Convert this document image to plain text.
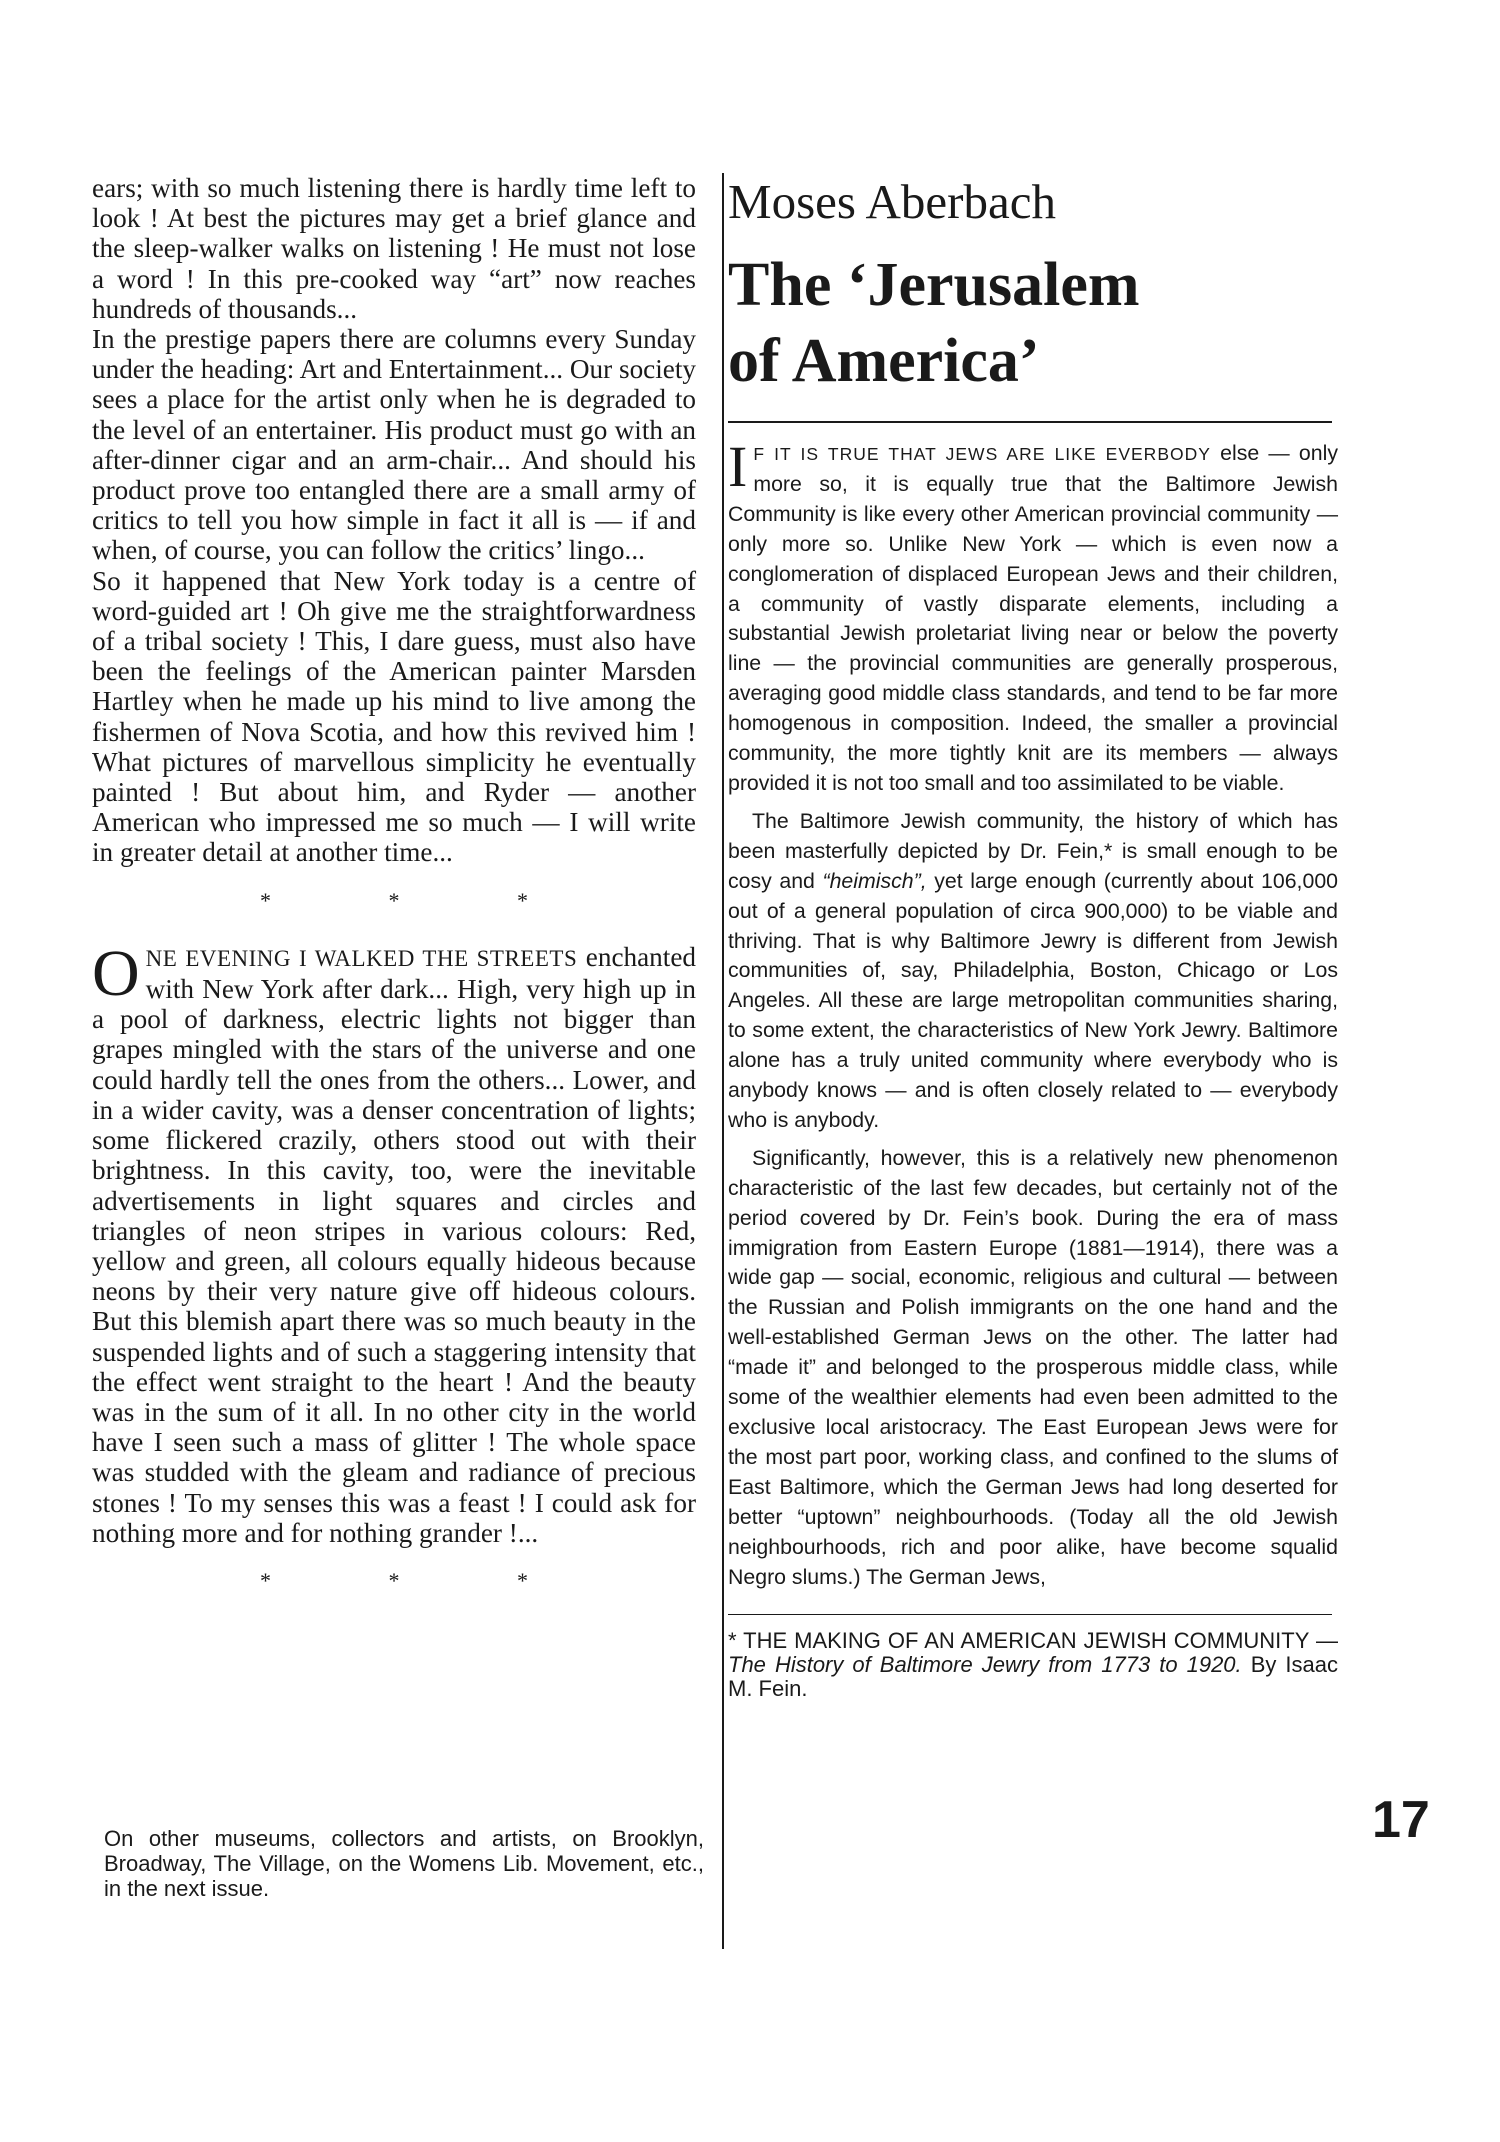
ears; with so much listening there is hardly time left to look ! At best the pictures may get a brief glance and the sleep-walker walks on listening ! He must not lose a word ! In this pre-cooked way “art” now reaches hundreds of thousands...

In the prestige papers there are columns every Sunday under the heading: Art and Entertainment... Our society sees a place for the artist only when he is degraded to the level of an entertainer. His product must go with an after-dinner cigar and an arm-chair... And should his product prove too entangled there are a small army of critics to tell you how simple in fact it all is — if and when, of course, you can follow the critics’ lingo...

So it happened that New York today is a centre of word-guided art ! Oh give me the straightforwardness of a tribal society ! This, I dare guess, must also have been the feelings of the American painter Marsden Hartley when he made up his mind to live among the fishermen of Nova Scotia, and how this revived him ! What pictures of marvellous simplicity he eventually painted ! But about him, and Ryder — another American who impressed me so much — I will write in greater detail at another time...

* * *

ONE EVENING I WALKED THE STREETS enchanted with New York after dark... High, very high up in a pool of darkness, electric lights not bigger than grapes mingled with the stars of the universe and one could hardly tell the ones from the others... Lower, and in a wider cavity, was a denser concentration of lights; some flickered crazily, others stood out with their brightness. In this cavity, too, were the inevitable advertisements in light squares and circles and triangles of neon stripes in various colours: Red, yellow and green, all colours equally hideous because neons by their very nature give off hideous colours. But this blemish apart there was so much beauty in the suspended lights and of such a staggering intensity that the effect went straight to the heart ! And the beauty was in the sum of it all. In no other city in the world have I seen such a mass of glitter ! The whole space was studded with the gleam and radiance of precious stones ! To my senses this was a feast ! I could ask for nothing more and for nothing grander !...

* * *
On other museums, collectors and artists, on Brooklyn, Broadway, The Village, on the Womens Lib. Movement, etc., in the next issue.
Moses Aberbach
The ‘Jerusalem
of America’

I F IT IS TRUE THAT JEWS ARE LIKE EVERBODY else — only more so, it is equally true that the Baltimore Jewish Community is like every other American provincial community — only more so. Unlike New York — which is even now a conglomeration of displaced European Jews and their children, a community of vastly disparate elements, including a substantial Jewish proletariat living near or below the poverty line — the provincial communities are generally prosperous, averaging good middle class standards, and tend to be far more homogenous in composition. Indeed, the smaller a provincial community, the more tightly knit are its members — always provided it is not too small and too assimilated to be viable.

The Baltimore Jewish community, the history of which has been masterfully depicted by Dr. Fein,* is small enough to be cosy and “heimisch”, yet large enough (currently about 106,000 out of a general population of circa 900,000) to be viable and thriving. That is why Baltimore Jewry is different from Jewish communities of, say, Philadelphia, Boston, Chicago or Los Angeles. All these are large metropolitan communities sharing, to some extent, the characteristics of New York Jewry. Baltimore alone has a truly united community where everybody who is anybody knows — and is often closely related to — everybody who is anybody.

Significantly, however, this is a relatively new phenomenon characteristic of the last few decades, but certainly not of the period covered by Dr. Fein’s book. During the era of mass immigration from Eastern Europe (1881—1914), there was a wide gap — social, economic, religious and cultural — between the Russian and Polish immigrants on the one hand and the well-established German Jews on the other. The latter had “made it” and belonged to the prosperous middle class, while some of the wealthier elements had even been admitted to the exclusive local aristocracy. The East European Jews were for the most part poor, working class, and confined to the slums of East Baltimore, which the German Jews had long deserted for better “uptown” neighbourhoods. (Today all the old Jewish neighbourhoods, rich and poor alike, have become squalid Negro slums.) The German Jews,

* THE MAKING OF AN AMERICAN JEWISH COMMUNITY — The History of Baltimore Jewry from 1773 to 1920. By Isaac M. Fein.
17
